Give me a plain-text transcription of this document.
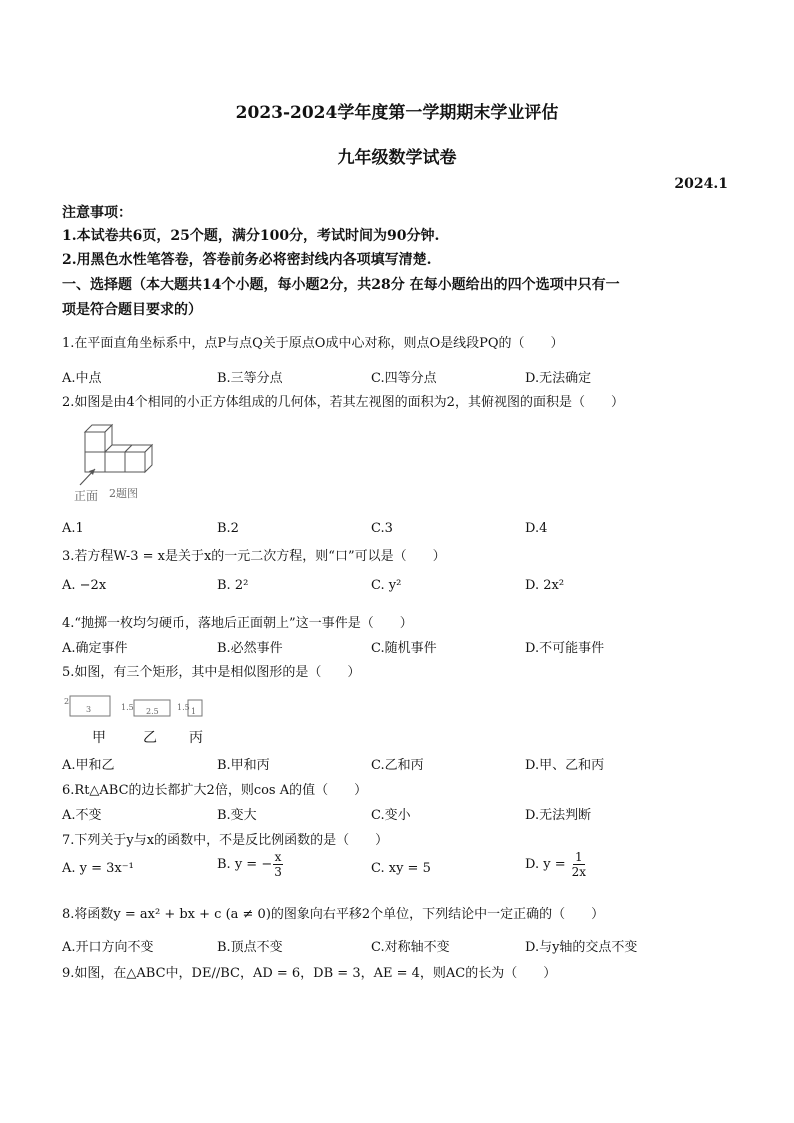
2023-2024学年度第一学期期末学业评估
九年级数学试卷
2024.1
注意事项：
1.本试卷共6页，25个题，满分100分，考试时间为90分钟.
2.用黑色水性笔答卷，答卷前务必将密封线内各项填写清楚.
一、选择题（本大题共14个小题，每小题2分，共28分 在每小题给出的四个选项中只有一
项是符合题目要求的）
1.在平面直角坐标系中，点P与点Q关于原点O成中心对称，则点O是线段PQ的（　　）
A.中点	B.三等分点	C.四等分点	D.无法确定
2.如图是由4个相同的小正方体组成的几何体，若其左视图的面积为2，其俯视图的面积是（　　）
正面 2题图
A.1	B.2	C.3	D.4
3.若方程W-3 = x是关于x的一元二次方程，则“口”可以是（　　）
A. −2x	B. 2²	C. y²	D. 2x²
4.“抛掷一枚均匀硬币，落地后正面朝上”这一事件是（　　）
A.确定事件	B.必然事件	C.随机事件	D.不可能事件
5.如图，有三个矩形，其中是相似图形的是（　　）
2
3	1.5 2.5 1.5 1
甲	乙 丙
A.甲和乙	B.甲和丙	C.乙和丙	D.甲、乙和丙
6.Rt△ABC的边长都扩大2倍，则cos A的值（　　）
A.不变	B.变大	C.变小	D.无法判断
7.下列关于y与x的函数中，不是反比例函数的是（　　）
A. y = 3x⁻¹	B. y = − $\frac{x}{3}$	C. xy = 5	D. $y = \frac{1}{2x}$
8.将函数y = ax² + bx + c (a ≠ 0)的图象向右平移2个单位，下列结论中一定正确的（　　）
A.开口方向不变	B.顶点不变	C.对称轴不变	D.与y轴的交点不变
9.如图，在△ABC中，DE//BC，AD = 6，DB = 3，AE = 4，则AC的长为（　　）
